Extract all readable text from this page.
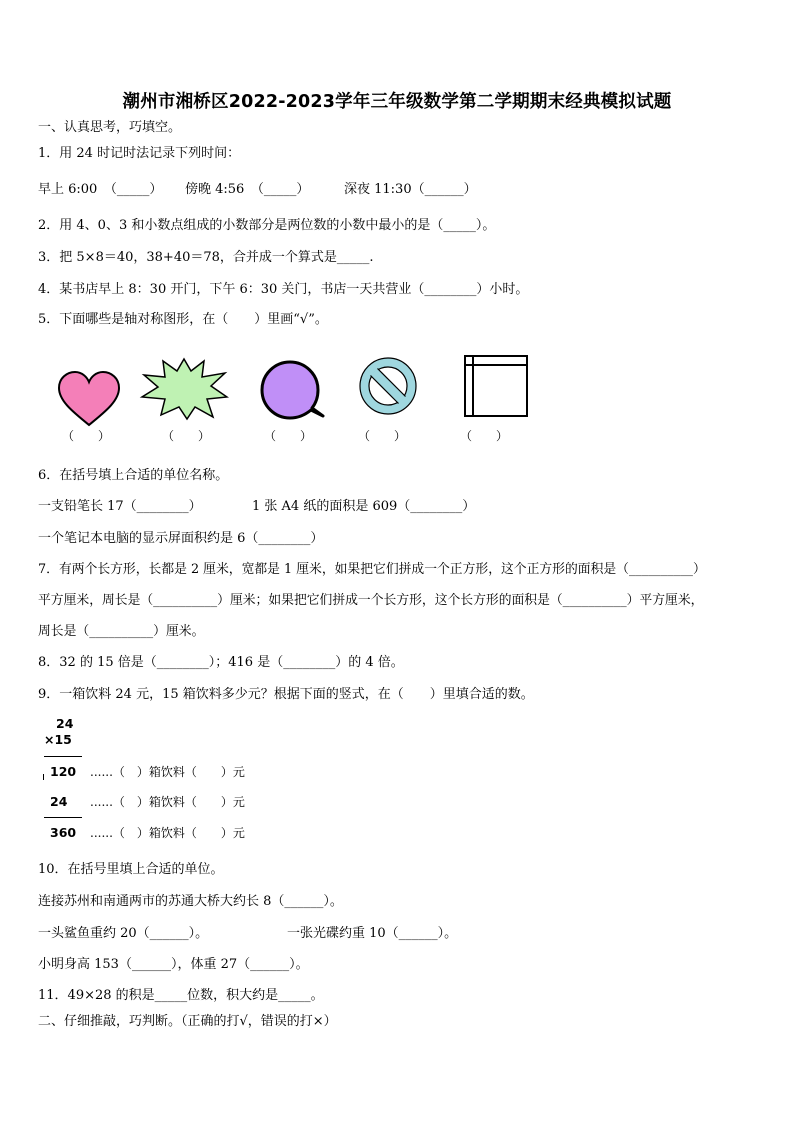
潮州市湘桥区2022-2023学年三年级数学第二学期期末经典模拟试题
一、认真思考，巧填空。
1．用 24 时记时法记录下列时间：
早上 6:00　（_____） 傍晚 4:56　（_____）	深夜 11:30（______）
2．用 4、0、3 和小数点组成的小数部分是两位数的小数中最小的是（_____）。
3．把 5×8＝40，38+40＝78，合并成一个算式是_____.
4．某书店早上 8：30 开门，下午 6：30 关门，书店一天共营业（________）小时。
5．下面哪些是轴对称图形，在（　　）里画“√”。
（　　）	（　　）	（　　）	（　　）	（　　）
6．在括号填上合适的单位名称。
一支铅笔长 17（________）	1 张 A4 纸的面积是 609（________）
一个笔记本电脑的显示屏面积约是 6（________）
7．有两个长方形，长都是 2 厘米，宽都是 1 厘米，如果把它们拼成一个正方形，这个正方形的面积是（__________）
平方厘米，周长是（__________）厘米；如果把它们拼成一个长方形，这个长方形的面积是（__________）平方厘米，
周长是（__________）厘米。
8．32 的 15 倍是（________）；416 是（________）的 4 倍。
9．一箱饮料 24 元，15 箱饮料多少元？根据下面的竖式，在（　　）里填合适的数。
24
×15
120 ......（　）箱饮料（　　）元
24 ......（　）箱饮料（　　）元
360 ......（　）箱饮料（　　）元
10．在括号里填上合适的单位。
连接苏州和南通两市的苏通大桥大约长 8（______）。
一头鲨鱼重约 20（______）。	一张光碟约重 10（______）。
小明身高 153（______），体重 27（______）。
11．49×28 的积是_____位数，积大约是_____。
二、仔细推敲，巧判断。（正确的打√，错误的打×）
